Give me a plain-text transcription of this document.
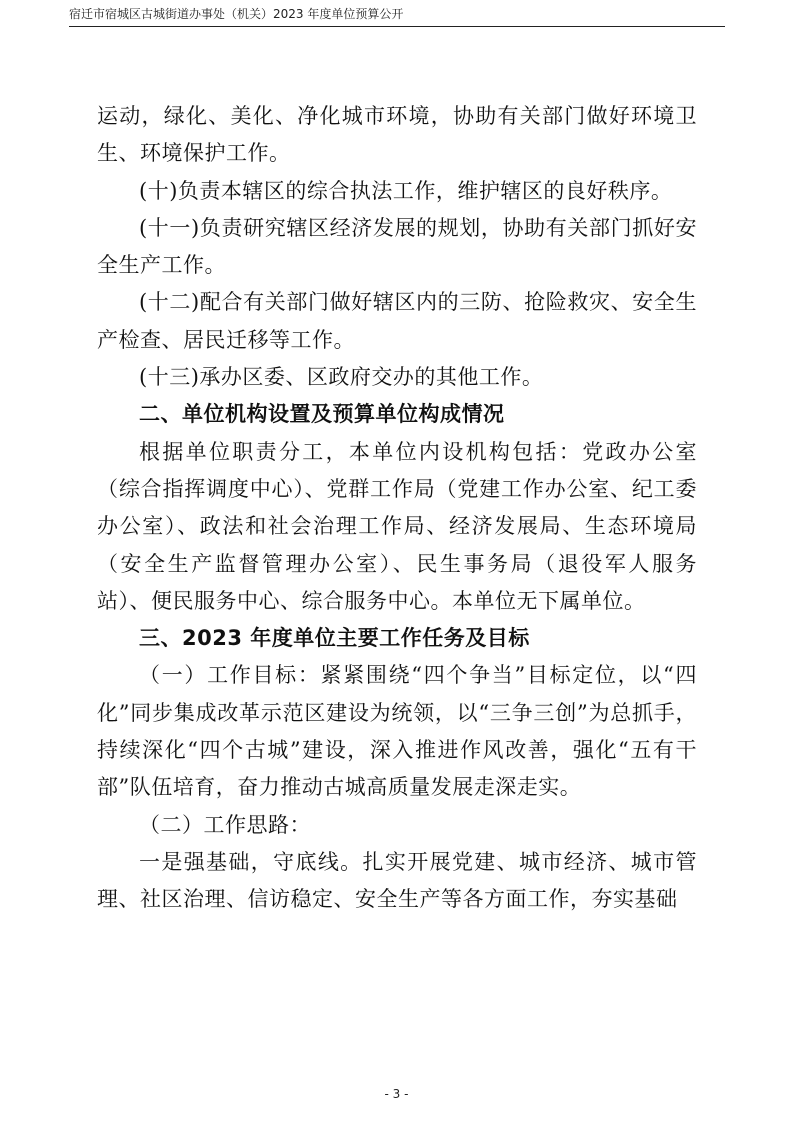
宿迁市宿城区古城街道办事处（机关）2023 年度单位预算公开

运动，绿化、美化、净化城市环境，协助有关部门做好环境卫生、环境保护工作。

(十)负责本辖区的综合执法工作，维护辖区的良好秩序。

(十一)负责研究辖区经济发展的规划，协助有关部门抓好安全生产工作。

(十二)配合有关部门做好辖区内的三防、抢险救灾、安全生产检查、居民迁移等工作。

(十三)承办区委、区政府交办的其他工作。

二、单位机构设置及预算单位构成情况

根据单位职责分工，本单位内设机构包括：党政办公室（综合指挥调度中心）、党群工作局（党建工作办公室、纪工委办公室）、政法和社会治理工作局、经济发展局、生态环境局（安全生产监督管理办公室）、民生事务局（退役军人服务站）、便民服务中心、综合服务中心。本单位无下属单位。

三、2023 年度单位主要工作任务及目标

（一）工作目标：紧紧围绕“四个争当”目标定位，以“四化”同步集成改革示范区建设为统领，以“三争三创”为总抓手，持续深化“四个古城”建设，深入推进作风改善，强化“五有干部”队伍培育，奋力推动古城高质量发展走深走实。

（二）工作思路：

一是强基础，守底线。扎实开展党建、城市经济、城市管理、社区治理、信访稳定、安全生产等各方面工作，夯实基础

- 3 -
